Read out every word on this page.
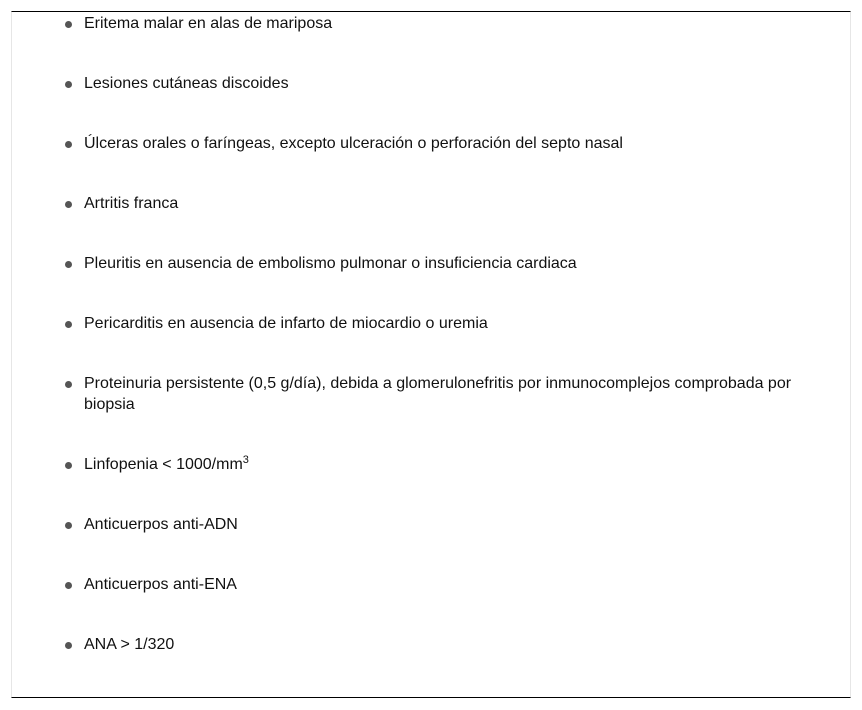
Eritema malar en alas de mariposa
Lesiones cutáneas discoides
Úlceras orales o faríngeas, excepto ulceración o perforación del septo nasal
Artritis franca
Pleuritis en ausencia de embolismo pulmonar o insuficiencia cardiaca
Pericarditis en ausencia de infarto de miocardio o uremia
Proteinuria persistente (0,5 g/día), debida a glomerulonefritis por inmunocomplejos comprobada por biopsia
Linfopenia < $1000/mm^3$
Anticuerpos anti-ADN
Anticuerpos anti-ENA
ANA > 1/320
